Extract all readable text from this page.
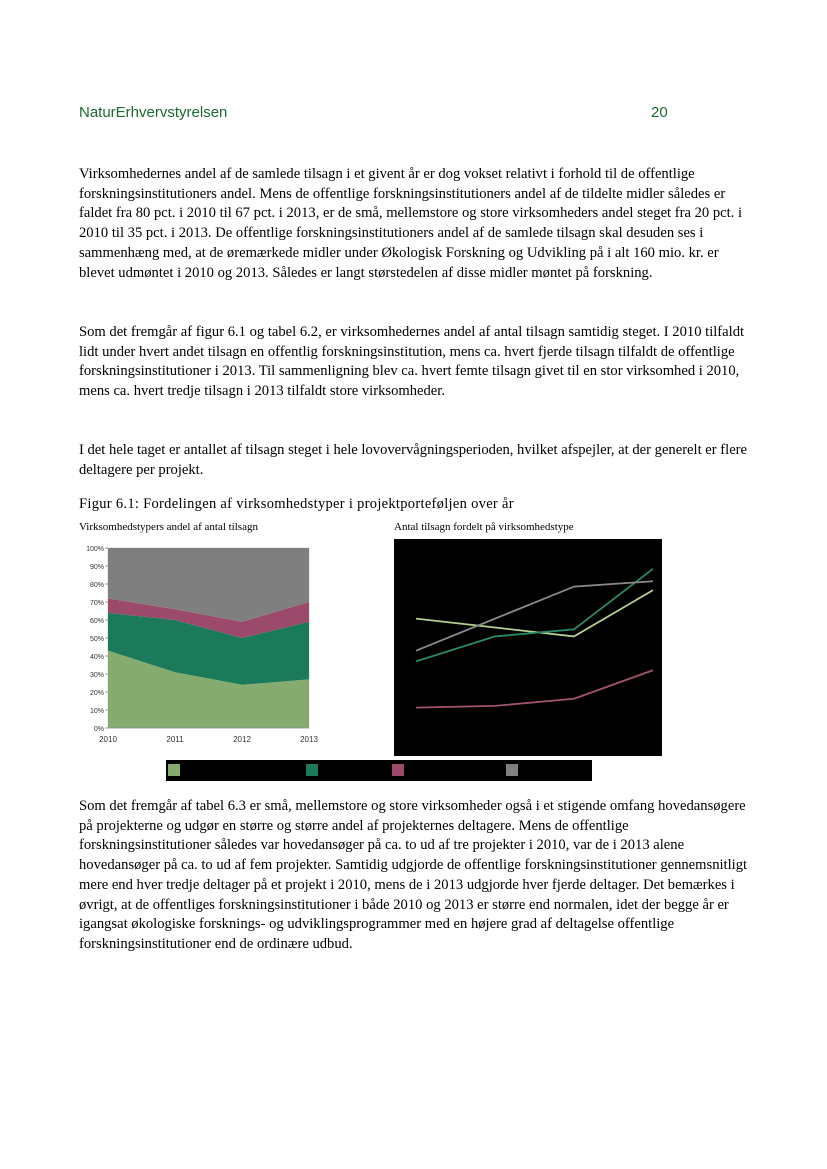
NaturErhvervstyrelsen	20

Virksomhedernes andel af de samlede tilsagn i et givent år er dog vokset relativt i forhold til de offentlige forskningsinstitutioners andel. Mens de offentlige forskningsinstitutioners andel af de tildelte midler således er faldet fra 80 pct. i 2010 til 67 pct. i 2013, er de små, mellemstore og store virksomheders andel steget fra 20 pct. i 2010 til 35 pct. i 2013. De offentlige forskningsinstitutioners andel af de samlede tilsagn skal desuden ses i sammenhæng med, at de øremærkede midler under Økologisk Forskning og Udvikling på i alt 160 mio. kr. er blevet udmøntet i 2010 og 2013. Således er langt størstedelen af disse midler møntet på forskning.

Som det fremgår af figur 6.1 og tabel 6.2, er virksomhedernes andel af antal tilsagn samtidig steget. I 2010 tilfaldt lidt under hvert andet tilsagn en offentlig forskningsinstitution, mens ca. hvert fjerde tilsagn tilfaldt de offentlige forskningsinstitutioner i 2013. Til sammenligning blev ca. hvert femte tilsagn givet til en stor virksomhed i 2010, mens ca. hvert tredje tilsagn i 2013 tilfaldt store virksomheder.

I det hele taget er antallet af tilsagn steget i hele lovovervågningsperioden, hvilket afspejler, at der generelt er flere deltagere per projekt.

Figur 6.1: Fordelingen af virksomhedstyper i projektporteføljen over år
Virksomhedstypers andel af antal tilsagn	Antal tilsagn fordelt på virksomhedstype
0%
10%
20%
30%
40%
50%
60%
70%
80%
90%
100%
2010	2011	2012	2013

Som det fremgår af tabel 6.3 er små, mellemstore og store virksomheder også i et stigende omfang hovedansøgere på projekterne og udgør en større og større andel af projekternes deltagere. Mens de offentlige forskningsinstitutioner således var hovedansøger på ca. to ud af tre projekter i 2010, var de i 2013 alene hovedansøger på ca. to ud af fem projekter. Samtidig udgjorde de offentlige forskningsinstitutioner gennemsnitligt mere end hver tredje deltager på et projekt i 2010, mens de i 2013 udgjorde hver fjerde deltager. Det bemærkes i øvrigt, at de offentliges forskningsinstitutioner i både 2010 og 2013 er større end normalen, idet der begge år er igangsat økologiske forsknings- og udviklingsprogrammer med en højere grad af deltagelse offentlige forskningsinstitutioner end de ordinære udbud.
